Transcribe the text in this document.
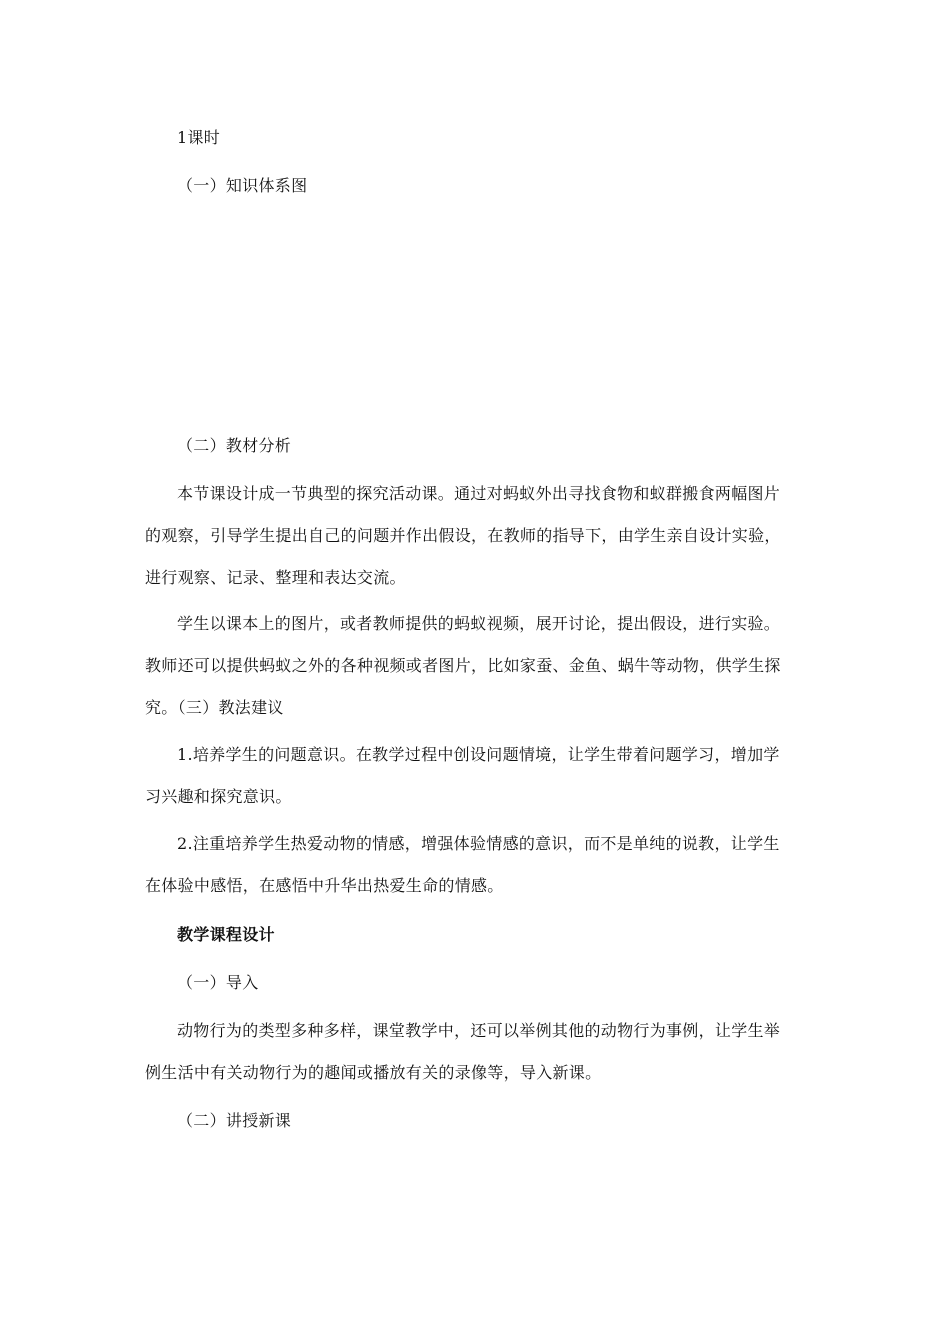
1课时
（一）知识体系图
（二）教材分析
本节课设计成一节典型的探究活动课。通过对蚂蚁外出寻找食物和蚁群搬食两幅图片
的观察，引导学生提出自己的问题并作出假设，在教师的指导下，由学生亲自设计实验，
进行观察、记录、整理和表达交流。
学生以课本上的图片，或者教师提供的蚂蚁视频，展开讨论，提出假设，进行实验。
教师还可以提供蚂蚁之外的各种视频或者图片，比如家蚕、金鱼、蜗牛等动物，供学生探
究。（三）教法建议
1.培养学生的问题意识。在教学过程中创设问题情境，让学生带着问题学习，增加学
习兴趣和探究意识。
2.注重培养学生热爱动物的情感，增强体验情感的意识，而不是单纯的说教，让学生
在体验中感悟，在感悟中升华出热爱生命的情感。
教学课程设计
（一）导入
动物行为的类型多种多样，课堂教学中，还可以举例其他的动物行为事例，让学生举
例生活中有关动物行为的趣闻或播放有关的录像等，导入新课。
（二）讲授新课
